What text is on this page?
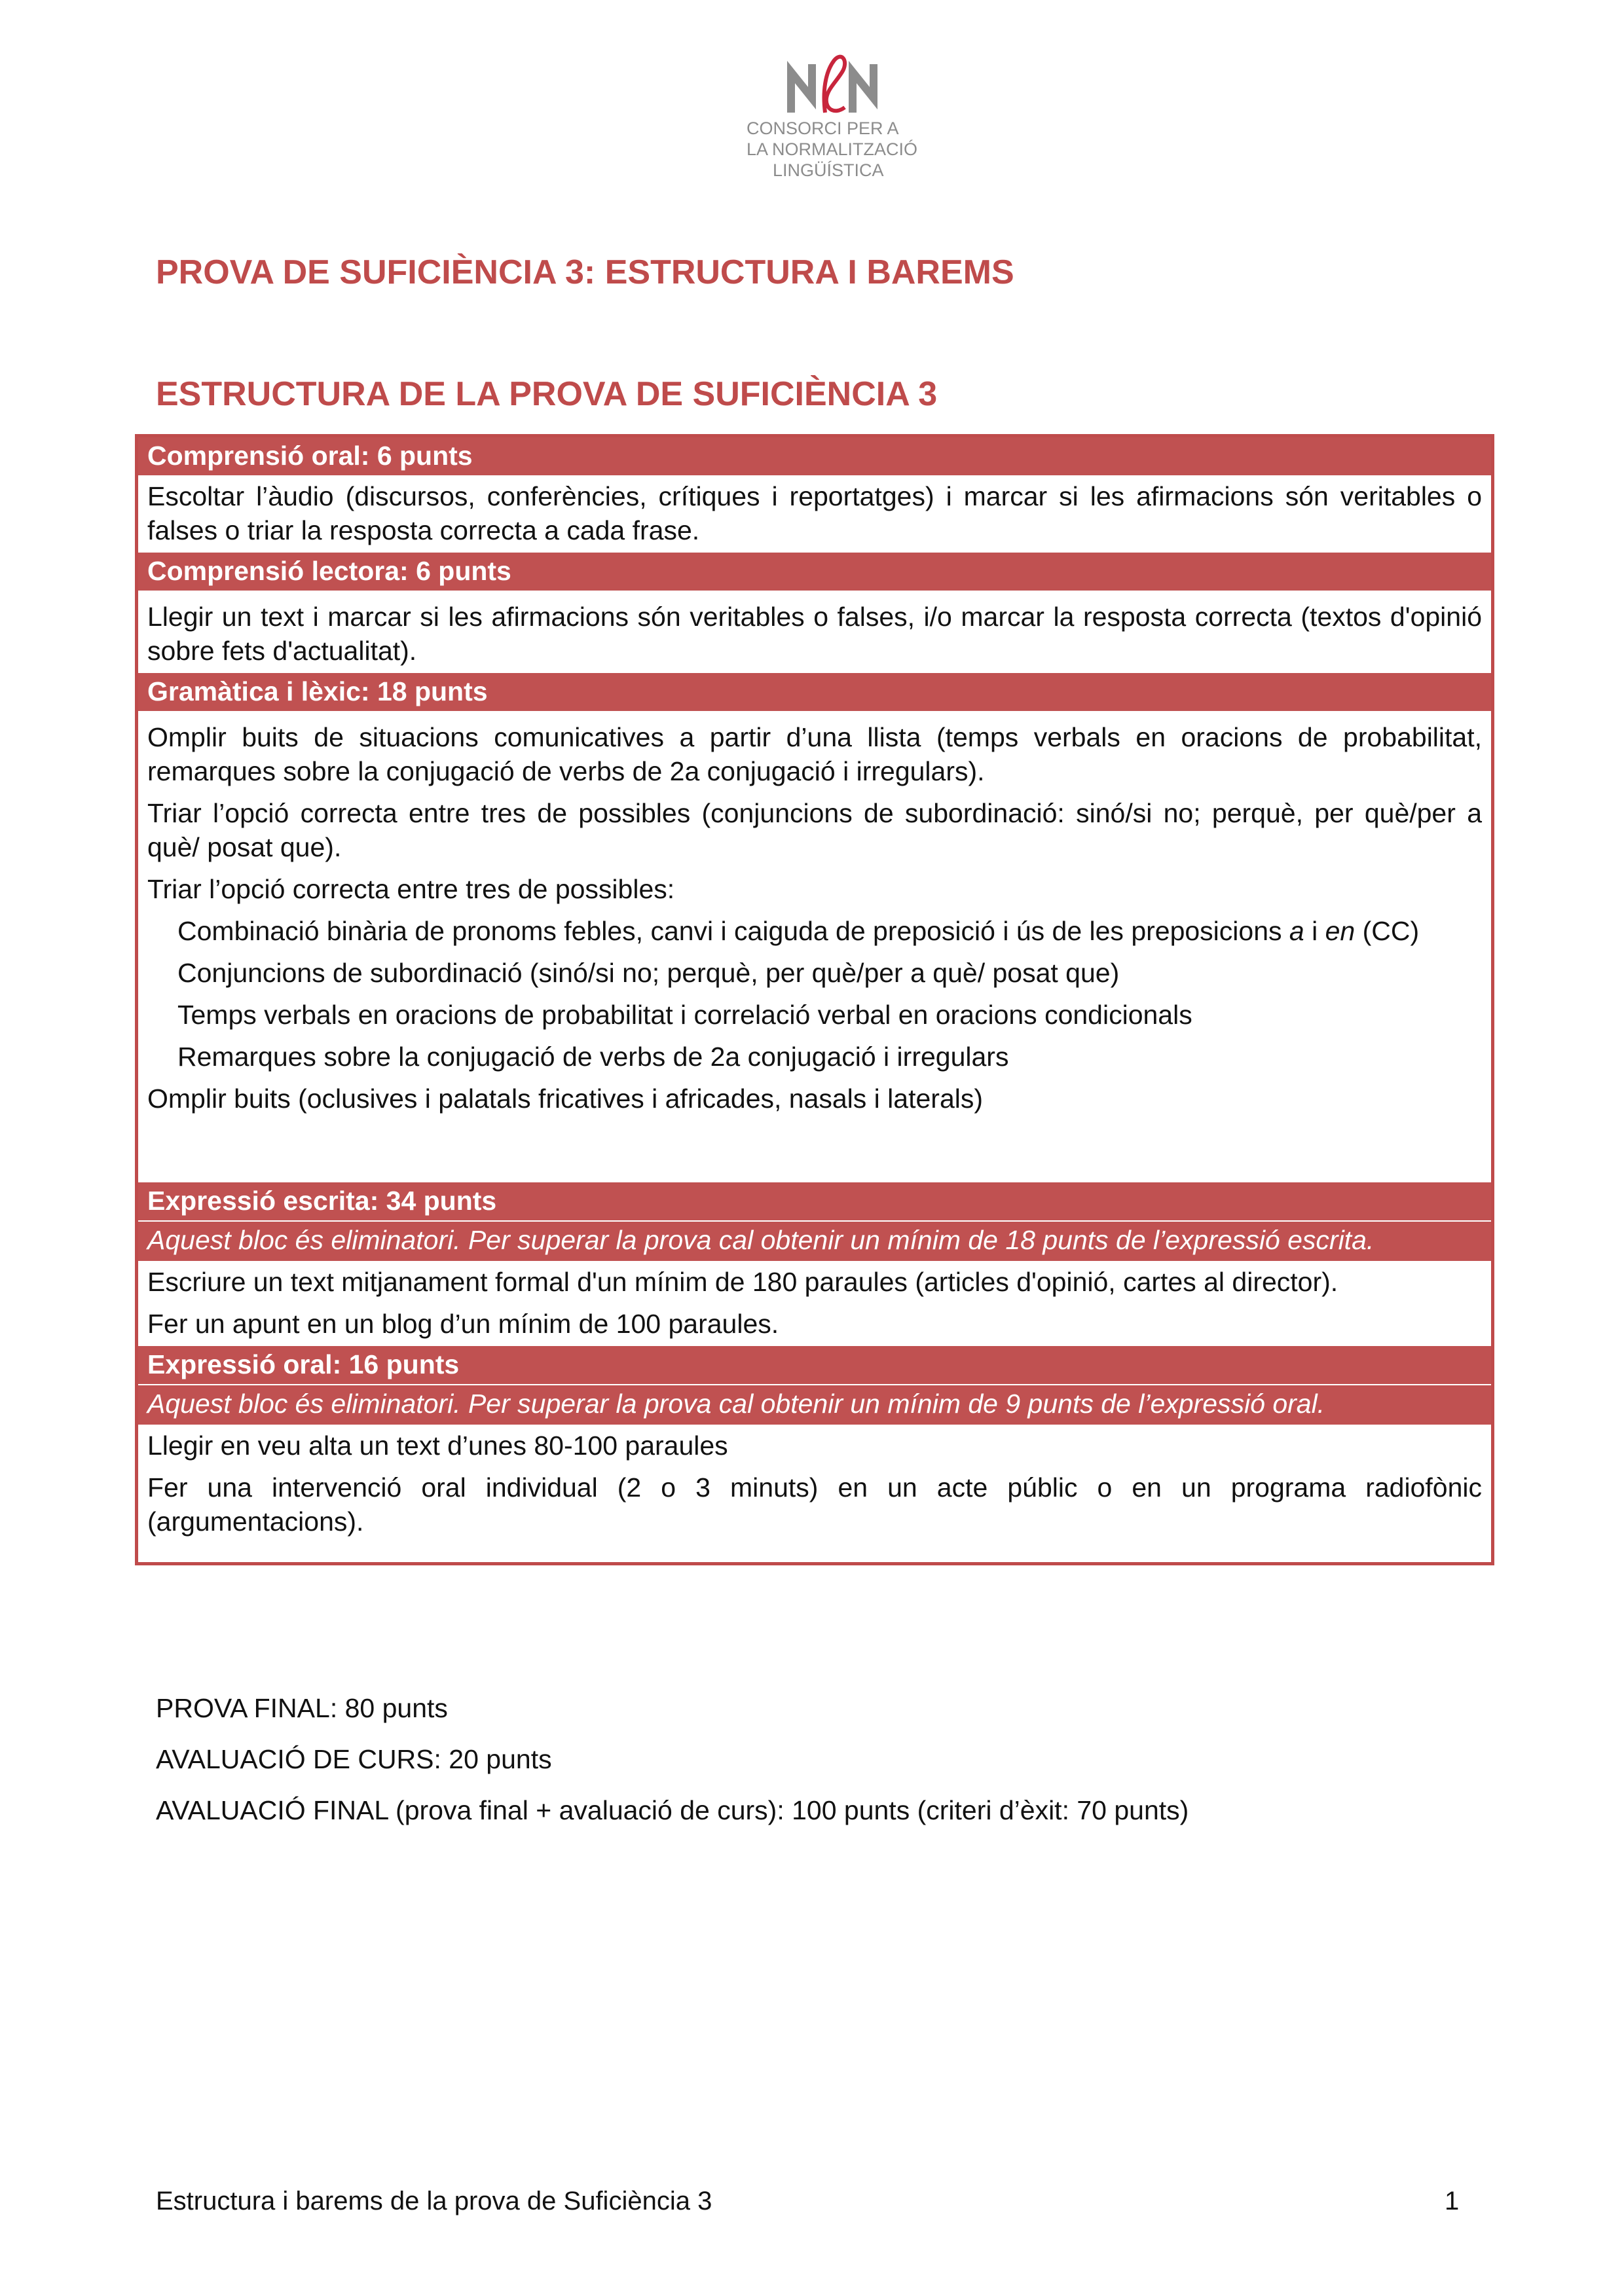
CONSORCI PER A
LA NORMALITZACIÓ
LINGÜÍSTICA
PROVA DE SUFICIÈNCIA 3: ESTRUCTURA I BAREMS
ESTRUCTURA DE LA PROVA DE SUFICIÈNCIA 3
Comprensió oral: 6 punts

Escoltar l’àudio (discursos, conferències, crítiques i reportatges) i marcar si les afirmacions són veritables o falses o triar la resposta correcta a cada frase.

Comprensió lectora: 6 punts

Llegir un text i marcar si les afirmacions són veritables o falses, i/o marcar la resposta correcta (textos d'opinió sobre fets d'actualitat).

Gramàtica i lèxic: 18 punts

Omplir buits de situacions comunicatives a partir d’una llista (temps verbals en oracions de probabilitat, remarques sobre la conjugació de verbs de 2a conjugació i irregulars).

Triar l’opció correcta entre tres de possibles (conjuncions de subordinació: sinó/si no; perquè, per què/per a què/ posat que).

Triar l’opció correcta entre tres de possibles:

Combinació binària de pronoms febles, canvi i caiguda de preposició i ús de les preposicions a i en (CC)

Conjuncions de subordinació (sinó/si no; perquè, per què/per a què/ posat que)

Temps verbals en oracions de probabilitat i correlació verbal en oracions condicionals

Remarques sobre la conjugació de verbs de 2a conjugació i irregulars

Omplir buits (oclusives i palatals fricatives i africades, nasals i laterals)

Expressió escrita: 34 punts
Aquest bloc és eliminatori. Per superar la prova cal obtenir un mínim de 18 punts de l’expressió escrita.

Escriure un text mitjanament formal d'un mínim de 180 paraules (articles d'opinió, cartes al director).

Fer un apunt en un blog d’un mínim de 100 paraules.

Expressió oral: 16 punts
Aquest bloc és eliminatori. Per superar la prova cal obtenir un mínim de 9 punts de l’expressió oral.

Llegir en veu alta un text d’unes 80-100 paraules

Fer una intervenció oral individual (2 o 3 minuts) en un acte públic o en un programa radiofònic (argumentacions).

PROVA FINAL: 80 punts
AVALUACIÓ DE CURS: 20 punts
AVALUACIÓ FINAL (prova final + avaluació de curs): 100 punts (criteri d’èxit: 70 punts)
Estructura i barems de la prova de Suficiència 3	1
